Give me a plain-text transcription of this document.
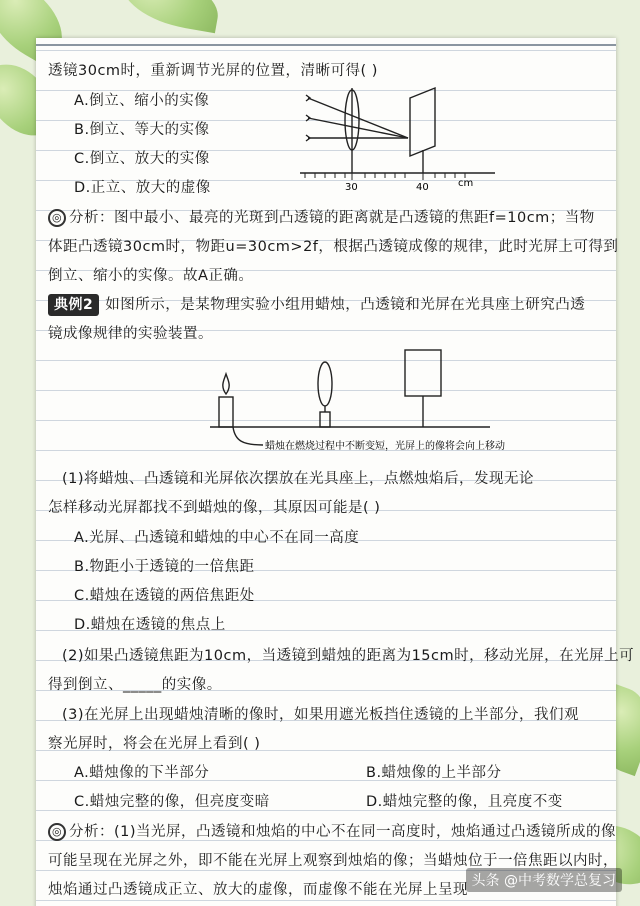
透镜30cm时，重新调节光屏的位置，清晰可得( )
A.倒立、缩小的实像
B.倒立、等大的实像
C.倒立、放大的实像
D.正立、放大的虚像	30	40	cm
◎ 分析：图中最小、最亮的光斑到凸透镜的距离就是凸透镜的焦距f=10cm；当物
体距凸透镜30cm时，物距u=30cm>2f，根据凸透镜成像的规律，此时光屏上可得到
倒立、缩小的实像。故A正确。
典例2 如图所示，是某物理实验小组用蜡烛，凸透镜和光屏在光具座上研究凸透
镜成像规律的实验装置。
蜡烛在燃烧过程中不断变短，光屏上的像将会向上移动
(1)将蜡烛、凸透镜和光屏依次摆放在光具座上，点燃烛焰后，发现无论
怎样移动光屏都找不到蜡烛的像，其原因可能是( )
A.光屏、凸透镜和蜡烛的中心不在同一高度
B.物距小于透镜的一倍焦距
C.蜡烛在透镜的两倍焦距处
D.蜡烛在透镜的焦点上
(2)如果凸透镜焦距为10cm，当透镜到蜡烛的距离为15cm时，移动光屏，在光屏上可
得到倒立、_____的实像。
(3)在光屏上出现蜡烛清晰的像时，如果用遮光板挡住透镜的上半部分，我们观
察光屏时，将会在光屏上看到( )
A.蜡烛像的下半部分	B.蜡烛像的上半部分
C.蜡烛完整的像，但亮度变暗	D.蜡烛完整的像，且亮度不变
◎ 分析：(1)当光屏，凸透镜和烛焰的中心不在同一高度时，烛焰通过凸透镜所成的像
可能呈现在光屏之外，即不能在光屏上观察到烛焰的像；当蜡烛位于一倍焦距以内时，
烛焰通过凸透镜成正立、放大的虚像，而虚像不能在光屏上呈现
头条 @中考数学总复习
